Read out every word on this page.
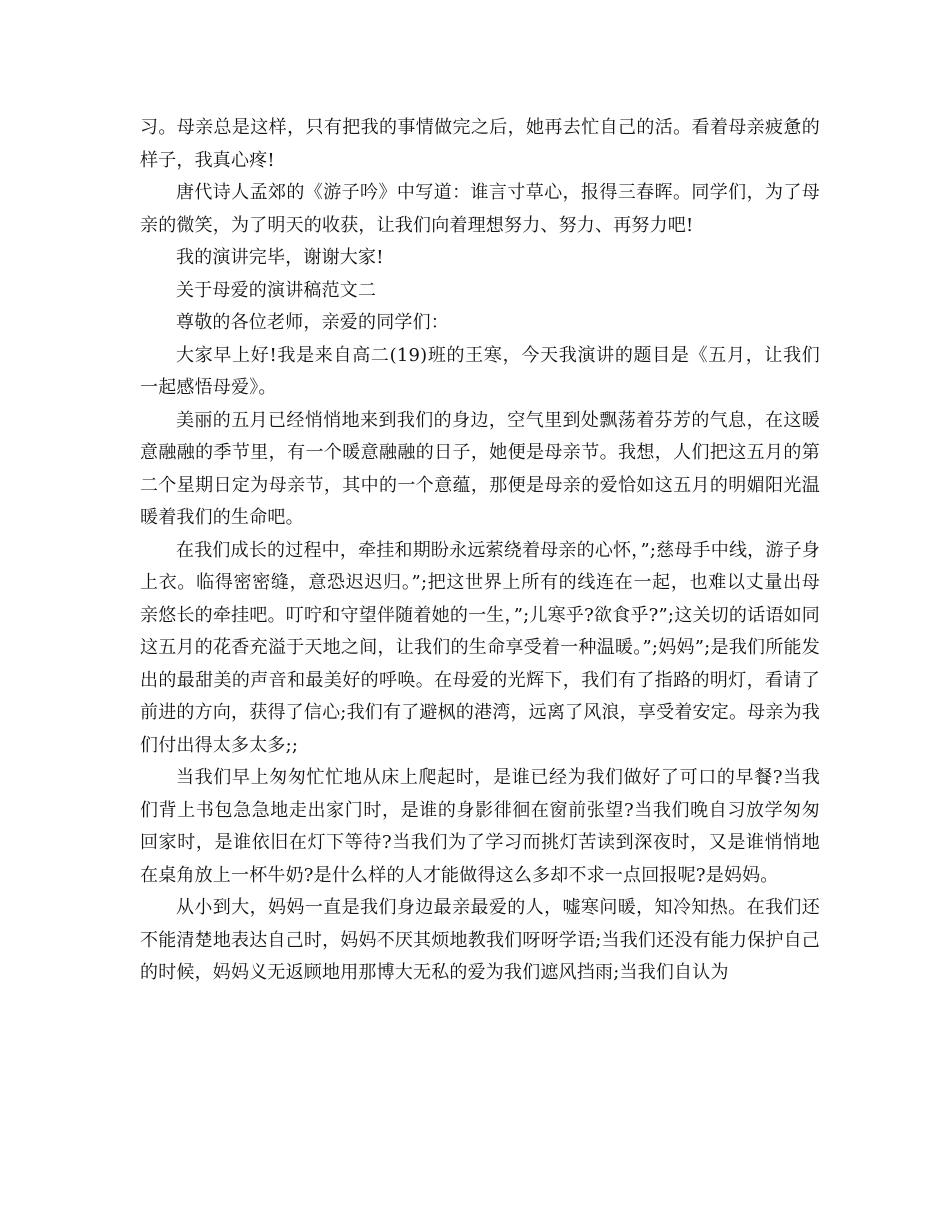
习。母亲总是这样，只有把我的事情做完之后，她再去忙自己的活。看着母亲疲惫的样子，我真心疼!

唐代诗人孟郊的《游子吟》中写道：谁言寸草心，报得三春晖。同学们，为了母亲的微笑，为了明天的收获，让我们向着理想努力、努力、再努力吧!

我的演讲完毕，谢谢大家!

关于母爱的演讲稿范文二

尊敬的各位老师，亲爱的同学们：

大家早上好!我是来自高二(19)班的王寒，今天我演讲的题目是《五月，让我们一起感悟母爱》。

美丽的五月已经悄悄地来到我们的身边，空气里到处飘荡着芬芳的气息，在这暖意融融的季节里，有一个暖意融融的日子，她便是母亲节。我想，人们把这五月的第二个星期日定为母亲节，其中的一个意蕴，那便是母亲的爱恰如这五月的明媚阳光温暖着我们的生命吧。

在我们成长的过程中，牵挂和期盼永远萦绕着母亲的心怀，”;慈母手中线，游子身上衣。临得密密缝，意恐迟迟归。”;把这世界上所有的线连在一起，也难以丈量出母亲悠长的牵挂吧。叮咛和守望伴随着她的一生，”;儿寒乎?欲食乎?”;这关切的话语如同这五月的花香充溢于天地之间，让我们的生命享受着一种温暖。”;妈妈”;是我们所能发出的最甜美的声音和最美好的呼唤。在母爱的光辉下，我们有了指路的明灯，看请了前进的方向，获得了信心;我们有了避枫的港湾，远离了风浪，享受着安定。母亲为我们付出得太多太多;;

当我们早上匆匆忙忙地从床上爬起时，是谁已经为我们做好了可口的早餐?当我们背上书包急急地走出家门时，是谁的身影徘徊在窗前张望?当我们晚自习放学匆匆回家时，是谁依旧在灯下等待?当我们为了学习而挑灯苦读到深夜时，又是谁悄悄地在桌角放上一杯牛奶?是什么样的人才能做得这么多却不求一点回报呢?是妈妈。

从小到大，妈妈一直是我们身边最亲最爱的人，嘘寒问暖，知冷知热。在我们还不能清楚地表达自己时，妈妈不厌其烦地教我们呀呀学语;当我们还没有能力保护自己的时候，妈妈义无返顾地用那博大无私的爱为我们遮风挡雨;当我们自认为
